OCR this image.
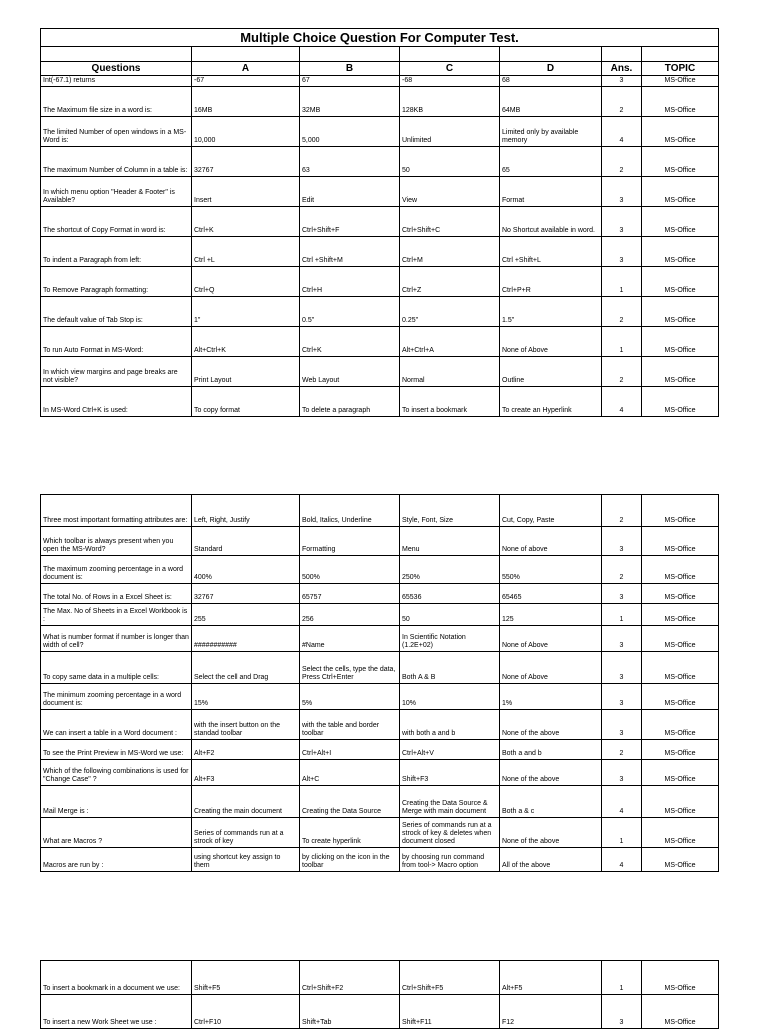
Multiple Choice Question For Computer Test.						

Questions	A	B	C	D	Ans.	TOPIC
Int(-67.1) returns	-67	67	-68	68	3	MS-Office
The Maximum file size in a word is:	16MB	32MB	128KB	64MB	2	MS-Office
The limited Number of open windows in a MS-Word is:	10,000	5,000	Unlimited	Limited only by available memory	4	MS-Office
The maximum Number of Column in a table is:	32767	63	50	65	2	MS-Office
In which menu option "Header & Footer" is Available?	Insert	Edit	View	Format	3	MS-Office
The shortcut of Copy Format in word is:	Ctrl+K	Ctrl+Shift+F	Ctrl+Shift+C	No Shortcut available in word.	3	MS-Office
To indent a Paragraph from left:	Ctrl +L	Ctrl +Shift+M	Ctrl+M	Ctrl +Shift+L	3	MS-Office
To Remove Paragraph formatting:	Ctrl+Q	Ctrl+H	Ctrl+Z	Ctrl+P+R	1	MS-Office
The default value of Tab Stop is:	1"	0.5"	0.25"	1.5"	2	MS-Office
To run Auto Format in MS-Word:	Alt+Ctrl+K	Ctrl+K	Alt+Ctrl+A	None of Above	1	MS-Office
In which view margins and page breaks are not visible?	Print Layout	Web Layout	Normal	Outline	2	MS-Office
In MS-Word Ctrl+K is used:	To copy format	To delete a paragraph	To insert a bookmark	To create an Hyperlink	4	MS-Office
Three most important formatting attributes are:	Left, Right, Justify	Bold, Italics, Underline	Style, Font, Size	Cut, Copy, Paste	2	MS-Office
Which toolbar is always present when you open the MS-Word?	Standard	Formatting	Menu	None of above	3	MS-Office
The maximum zooming percentage in a word document is:	400%	500%	250%	550%	2	MS-Office
The total No. of Rows in a Excel Sheet is:	32767	65757	65536	65465	3	MS-Office
The Max. No of Sheets in a Excel Workbook is :	255	256	50	125	1	MS-Office
What is number format if number is longer than width of cell?	###########	#Name	In Scientific Notation (1.2E+02)	None of Above	3	MS-Office
To copy same data in a multiple cells:	Select the cell and Drag	Select the cells, type the data, Press Ctrl+Enter	Both A & B	None of Above	3	MS-Office
The minimum zooming percentage in a word document is:	15%	5%	10%	1%	3	MS-Office
We can insert a table in a Word document :	with the insert button on the standad toolbar	with the table and border toolbar	with both a and b	None of the above	3	MS-Office
To see the Print Preview in MS-Word we use:	Alt+F2	Ctrl+Alt+I	Ctrl+Alt+V	Both a and b	2	MS-Office
Which of the following combinations is used for "Change Case" ?	Alt+F3	Alt+C	Shift+F3	None of the above	3	MS-Office
Mail Merge is :	Creating the main document	Creating the Data Source	Creating the Data Source & Merge with main document	Both a & c	4	MS-Office
What are Macros ?	Series of commands run at a strock of key	To create hyperlink	Series of commands run at a strock of key & deletes when document closed	None of the above	1	MS-Office
Macros are run by :	using shortcut key assign to them	by clicking on the icon in the toolbar	by choosing run command from tool-> Macro option	All of the above	4	MS-Office
To insert a bookmark in a document we use:	Shift+F5	Ctrl+Shift+F2	Ctrl+Shift+F5	Alt+F5	1	MS-Office
To insert a new Work Sheet we use :	Ctrl+F10	Shift+Tab	Shift+F11	F12	3	MS-Office
